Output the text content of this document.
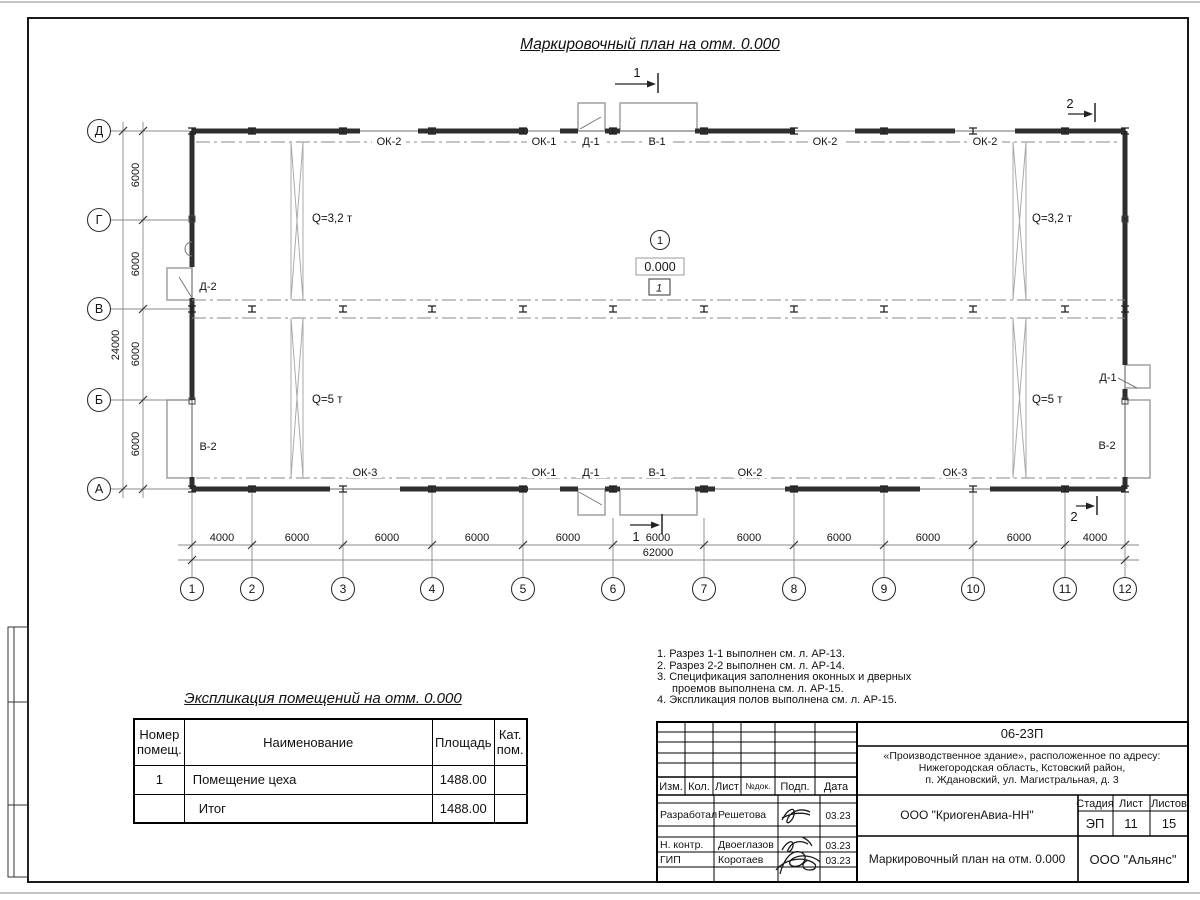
4000	6000	6000	6000	6000	6000	6000	6000	6000	6000	4000
62000
6000
6000
6000
6000
24000
1	2	3	4	5	6	7	8	9	10	11	12
Д
Г
В
Б
А
ОК-2	ОК-1 Д-1	В-1	ОК-2	ОК-2
ОК-3	ОК-1 Д-1	В-1	ОК-2	ОК-3
Д-2
В-2
Д-1
В-2
Q=3,2 т
Q=5 т
Q=3,2 т
Q=5 т
1
0.000
1
1
2
1
2
06-23П
«Производственное здание», расположенное по адресу:
Нижегородская область, Кстовский район,
п. Ждановский, ул. Магистральная, д. 3
Изм. Кол. Лист №док. Подп. Дата
Разработал Решетова	03.23
Н. контр. Двоеглазов	03.23
ГИП	Коротаев	03.23
ООО "КриогенАвиа-НН"
Стадия Лист Листов
ЭП 11 15
Маркировочный план на отм. 0.000 ООО "Альянс"
Маркировочный план на отм. 0.000
Экспликация помещений на отм. 0.000
Номер помещ.	Наименование	Площадь	Кат. пом.
1	Помещение цеха	1488.00	
	Итог	1488.00	
1. Разрез 1-1 выполнен см. л. АР-13.
2. Разрез 2-2 выполнен см. л. АР-14.
3. Спецификация заполнения оконных и дверных проемов выполнена см. л. АР-15.
4. Экспликация полов выполнена см. л. АР-15.
